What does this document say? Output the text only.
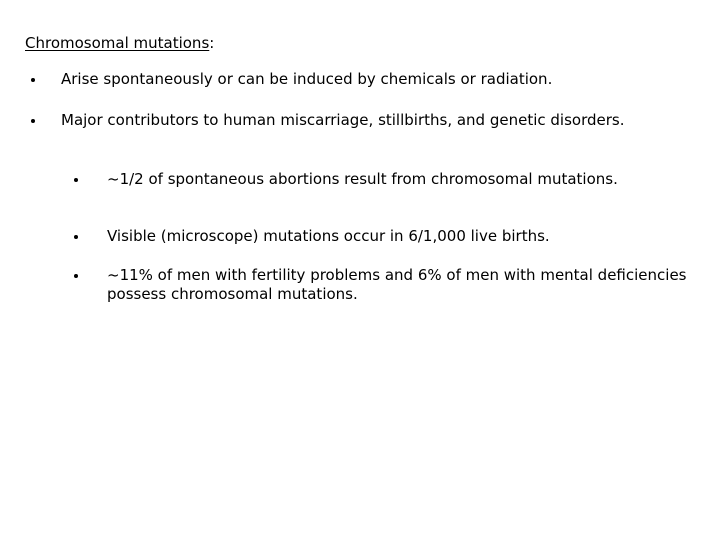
Chromosomal mutations:
Arise spontaneously or can be induced by chemicals or radiation.
Major contributors to human miscarriage, stillbirths, and genetic disorders.
~1/2 of spontaneous abortions result from chromosomal mutations.
Visible (microscope) mutations occur in 6/1,000 live births.
~11% of men with fertility problems and 6% of men with mental deficiencies possess chromosomal mutations.
